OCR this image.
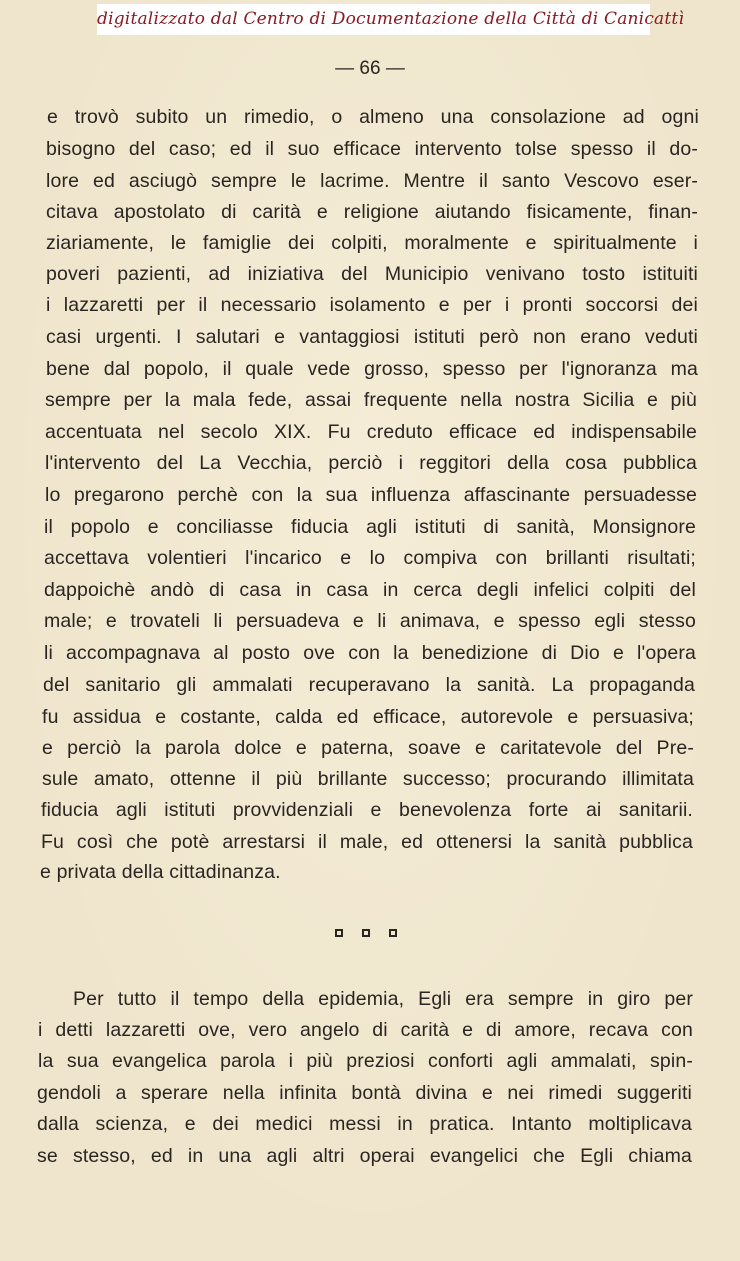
digitalizzato dal Centro di Documentazione della Città di Canicattì
— 66 —
e trovò subito un rimedio, o almeno una consolazione ad ogni
bisogno del caso; ed il suo efficace intervento tolse spesso il do-
lore ed asciugò sempre le lacrime. Mentre il santo Vescovo eser-
citava apostolato di carità e religione aiutando fisicamente, finan-
ziariamente, le famiglie dei colpiti, moralmente e spiritualmente i
poveri pazienti, ad iniziativa del Municipio venivano tosto istituiti
i lazzaretti per il necessario isolamento e per i pronti soccorsi dei
casi urgenti. I salutari e vantaggiosi istituti però non erano veduti
bene dal popolo, il quale vede grosso, spesso per l'ignoranza ma
sempre per la mala fede, assai frequente nella nostra Sicilia e più
accentuata nel secolo XIX. Fu creduto efficace ed indispensabile
l'intervento del La Vecchia, perciò i reggitori della cosa pubblica
lo pregarono perchè con la sua influenza affascinante persuadesse
il popolo e conciliasse fiducia agli istituti di sanità, Monsignore
accettava volentieri l'incarico e lo compiva con brillanti risultati;
dappoichè andò di casa in casa in cerca degli infelici colpiti del
male; e trovateli li persuadeva e li animava, e spesso egli stesso
li accompagnava al posto ove con la benedizione di Dio e l'opera
del sanitario gli ammalati recuperavano la sanità. La propaganda
fu assidua e costante, calda ed efficace, autorevole e persuasiva;
e perciò la parola dolce e paterna, soave e caritatevole del Pre-
sule amato, ottenne il più brillante successo; procurando illimitata
fiducia agli istituti provvidenziali e benevolenza forte ai sanitarii.
Fu così che potè arrestarsi il male, ed ottenersi la sanità pubblica
e privata della cittadinanza.
Per tutto il tempo della epidemia, Egli era sempre in giro per
i detti lazzaretti ove, vero angelo di carità e di amore, recava con
la sua evangelica parola i più preziosi conforti agli ammalati, spin-
gendoli a sperare nella infinita bontà divina e nei rimedi suggeriti
dalla scienza, e dei medici messi in pratica. Intanto moltiplicava
se stesso, ed in una agli altri operai evangelici che Egli chiama
